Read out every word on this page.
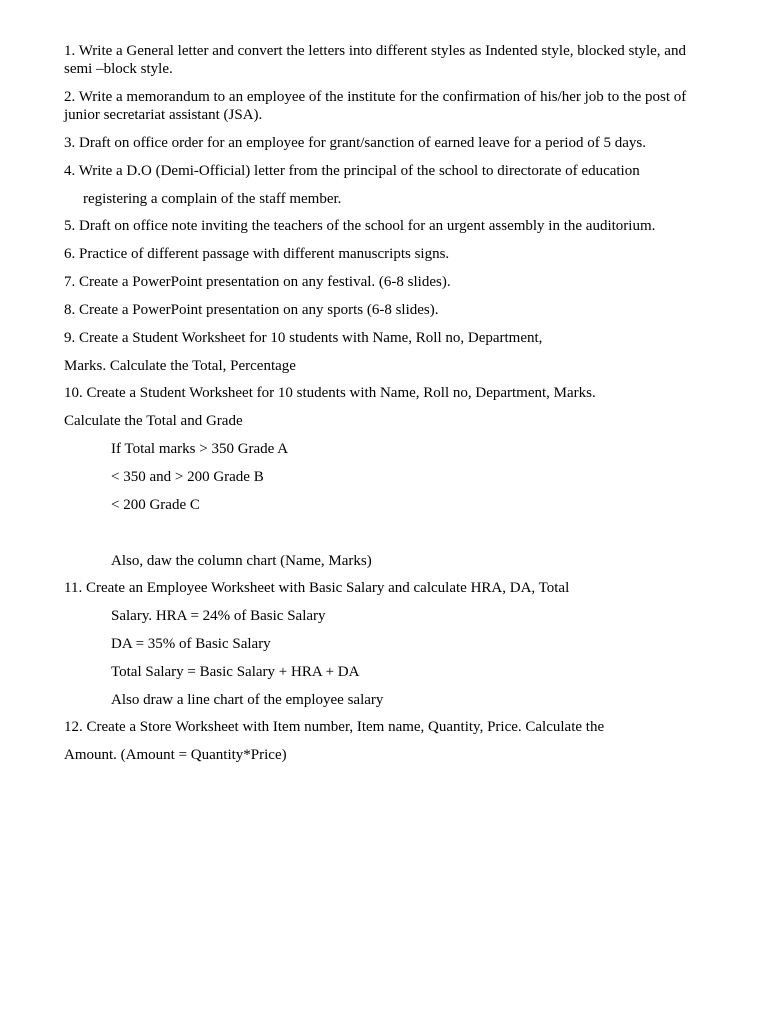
1. Write a General letter and convert the letters into different styles as Indented style, blocked style, and semi –block style.
2. Write a memorandum to an employee of the institute for the confirmation of his/her job to the post of junior secretariat assistant (JSA).
3. Draft on office order for an employee for grant/sanction of earned leave for a period of 5 days.
4. Write a D.O (Demi-Official) letter from the principal of the school to directorate of education
registering a complain of the staff member.
5. Draft on office note inviting the teachers of the school for an urgent assembly in the auditorium.
6. Practice of different passage with different manuscripts signs.
7. Create a PowerPoint presentation on any festival. (6-8 slides).
8. Create a PowerPoint presentation on any sports (6-8 slides).
9. Create a Student Worksheet for 10 students with Name, Roll no, Department,
Marks. Calculate the Total, Percentage
10. Create a Student Worksheet for 10 students with Name, Roll no, Department, Marks.
Calculate the Total and Grade
If Total marks > 350 Grade A
< 350 and > 200 Grade B
< 200 Grade C
Also, daw the column chart (Name, Marks)
11. Create an Employee Worksheet with Basic Salary and calculate HRA, DA, Total
Salary. HRA = 24% of Basic Salary
DA = 35% of Basic Salary
Total Salary = Basic Salary + HRA + DA
Also draw a line chart of the employee salary
12. Create a Store Worksheet with Item number, Item name, Quantity, Price. Calculate the
Amount. (Amount = Quantity*Price)
